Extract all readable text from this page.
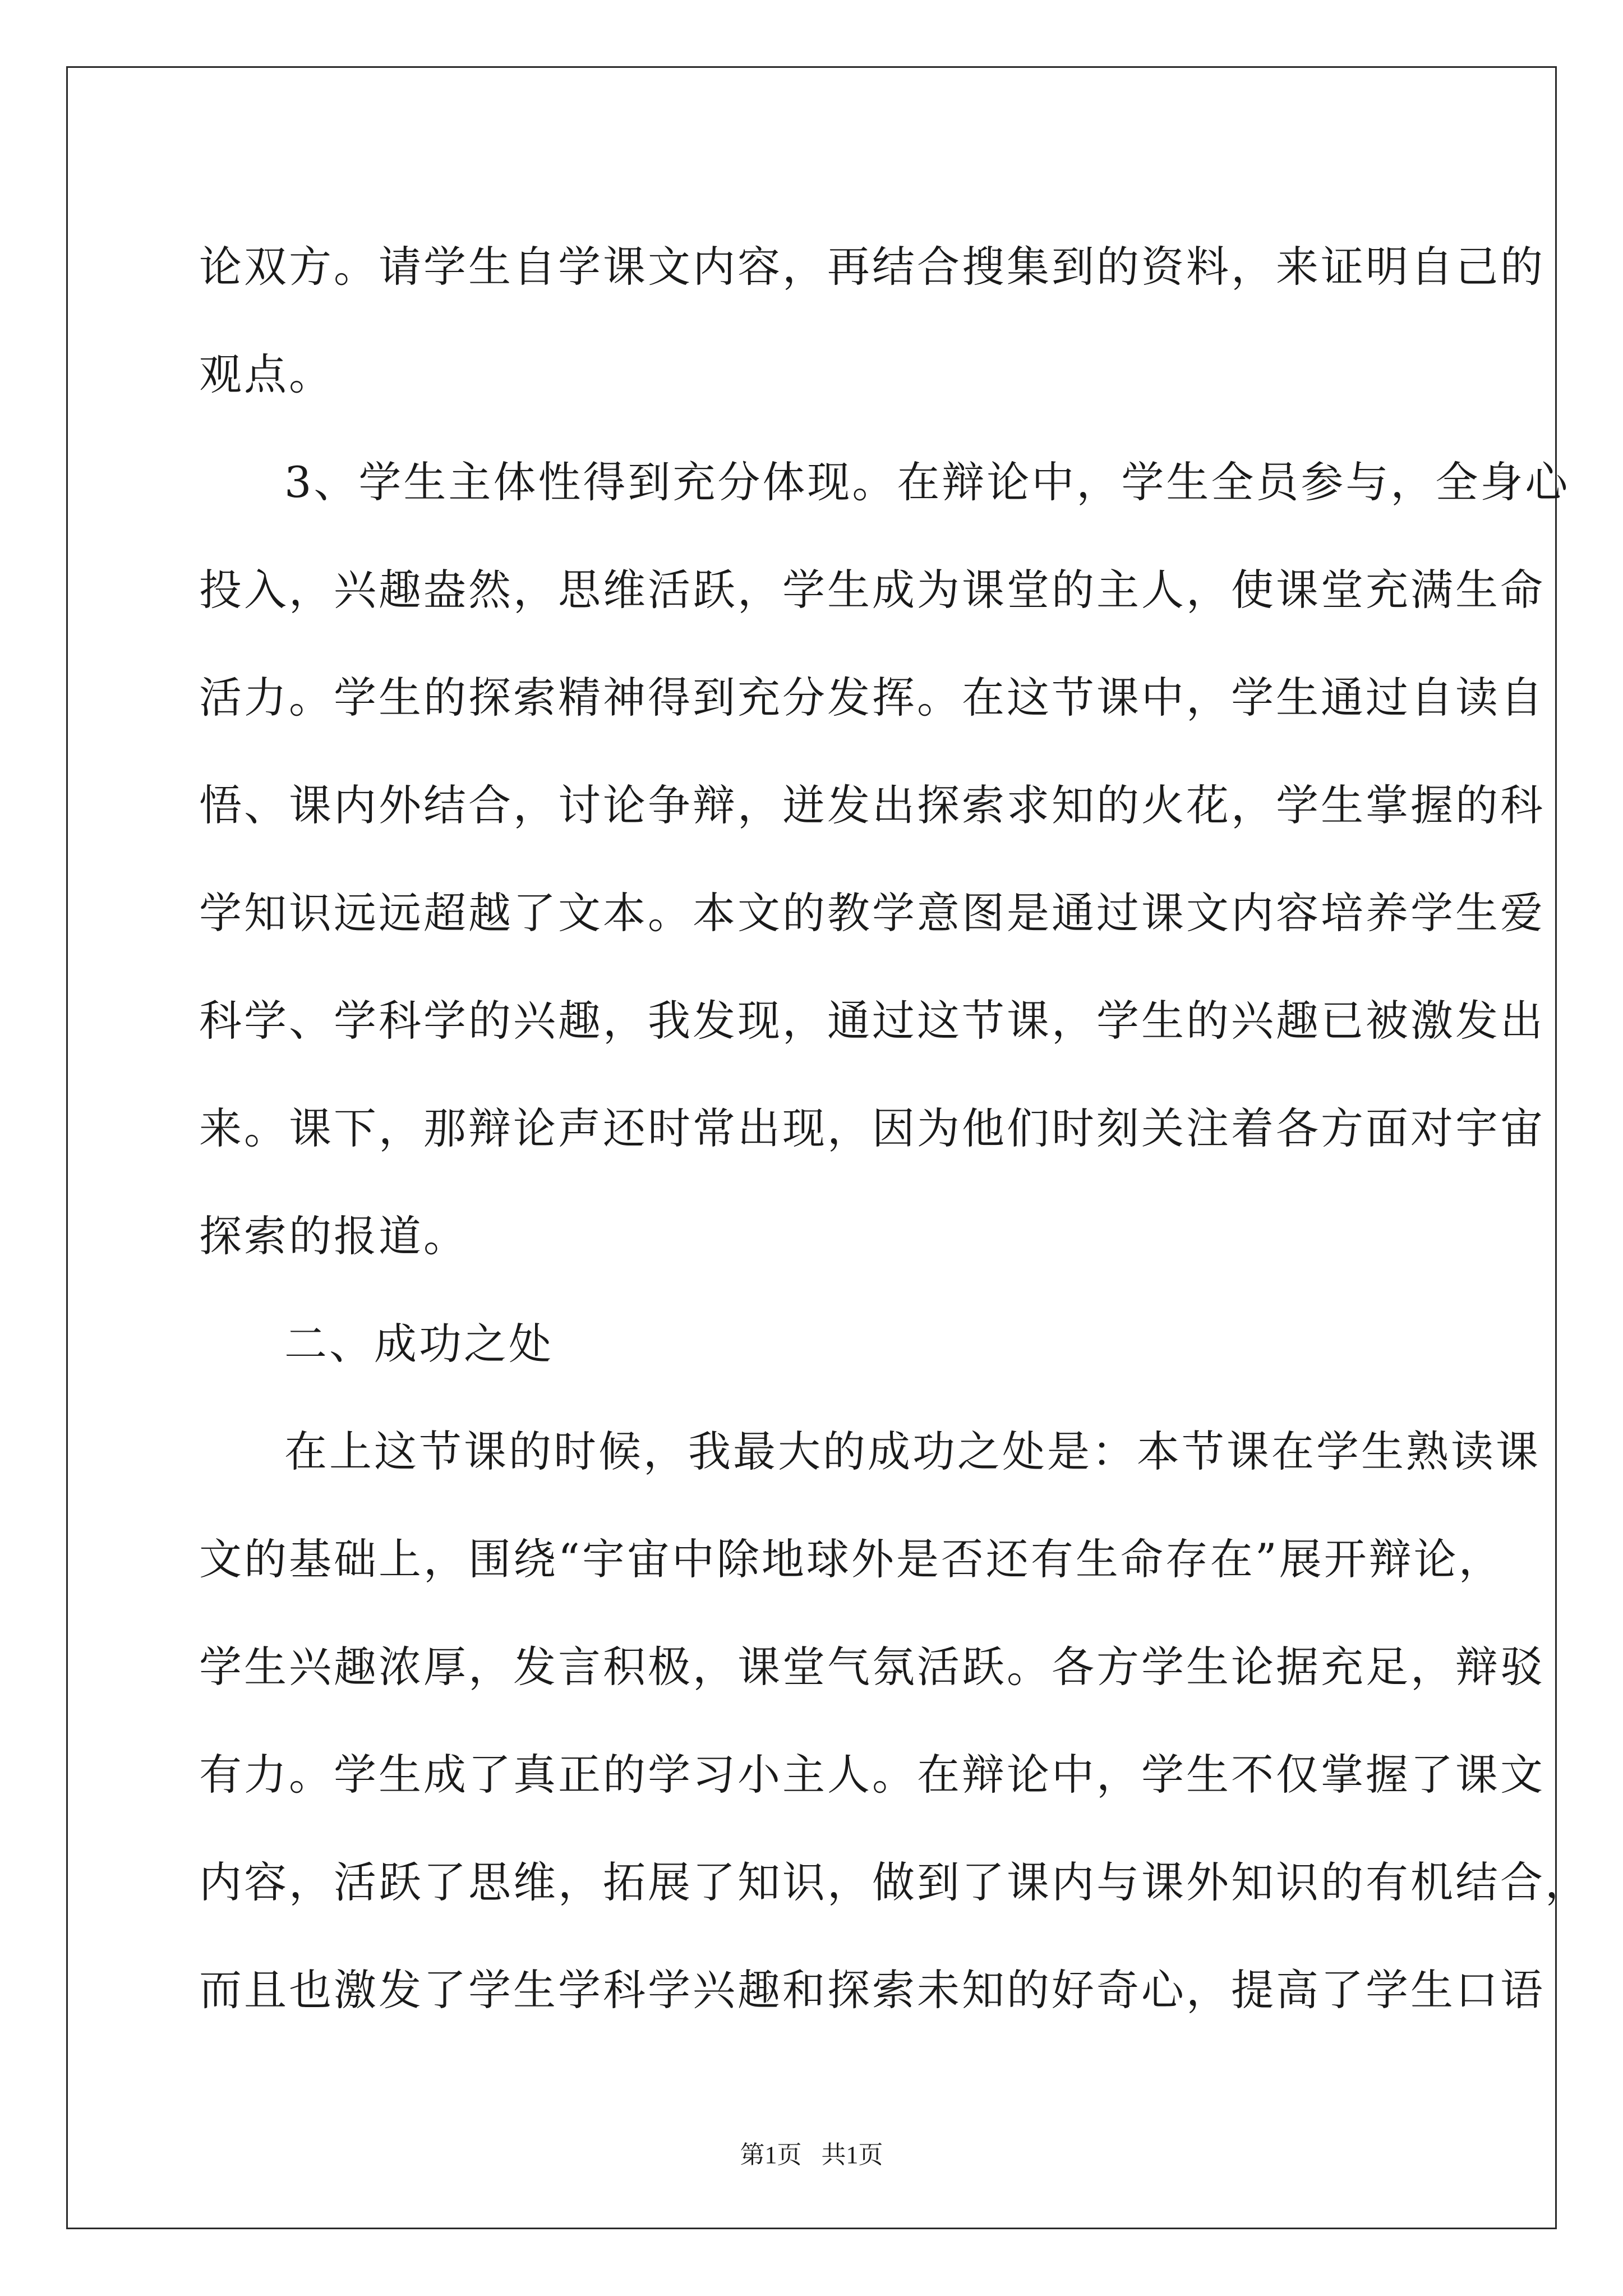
论双方。请学生自学课文内容，再结合搜集到的资料，来证明自己的
观点。
3、学生主体性得到充分体现。在辩论中，学生全员参与，全身心
投入，兴趣盎然，思维活跃，学生成为课堂的主人，使课堂充满生命
活力。学生的探索精神得到充分发挥。在这节课中，学生通过自读自
悟、课内外结合，讨论争辩，迸发出探索求知的火花，学生掌握的科
学知识远远超越了文本。本文的教学意图是通过课文内容培养学生爱
科学、学科学的兴趣，我发现，通过这节课，学生的兴趣已被激发出
来。课下，那辩论声还时常出现，因为他们时刻关注着各方面对宇宙
探索的报道。
二、成功之处
在上这节课的时候，我最大的成功之处是：本节课在学生熟读课
文的基础上，围绕“宇宙中除地球外是否还有生命存在”展开辩论，
学生兴趣浓厚，发言积极，课堂气氛活跃。各方学生论据充足，辩驳
有力。学生成了真正的学习小主人。在辩论中，学生不仅掌握了课文
内容，活跃了思维，拓展了知识，做到了课内与课外知识的有机结合，
而且也激发了学生学科学兴趣和探索未知的好奇心，提高了学生口语
第1页 共1页
